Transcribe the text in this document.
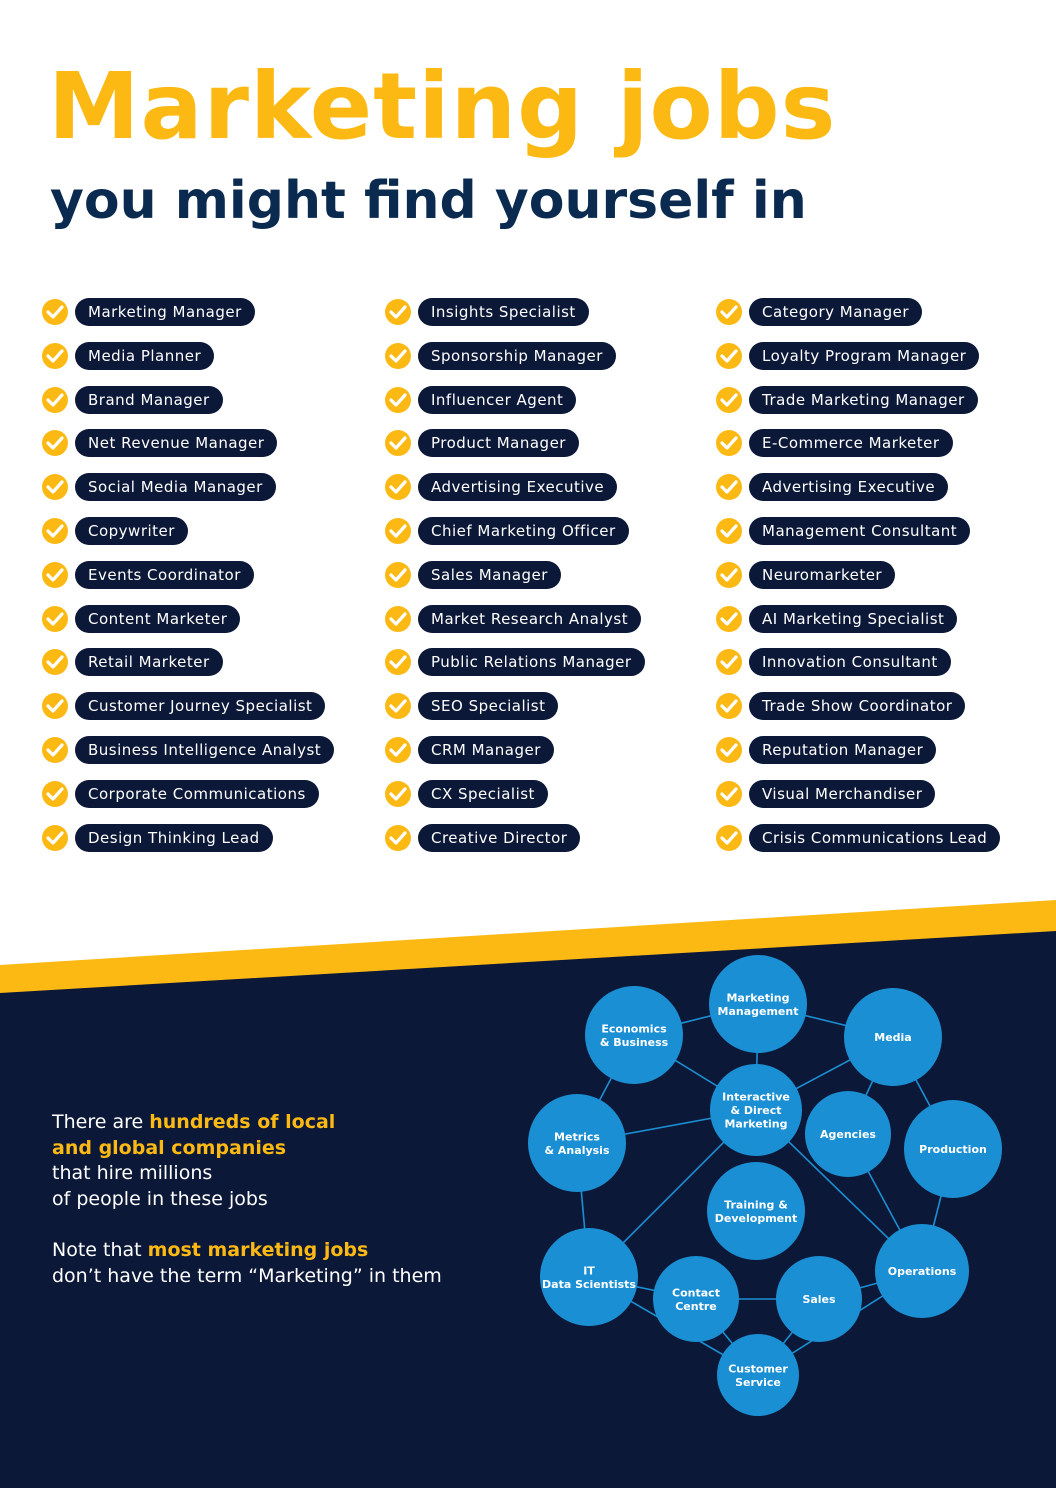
Marketing jobs
you might find yourself in
Marketing Manager
Media Planner
Brand Manager
Net Revenue Manager
Social Media Manager
Copywriter
Events Coordinator
Content Marketer
Retail Marketer
Customer Journey Specialist
Business Intelligence Analyst
Corporate Communications
Design Thinking Lead
Insights Specialist
Sponsorship Manager
Influencer Agent
Product Manager
Advertising Executive
Chief Marketing Officer
Sales Manager
Market Research Analyst
Public Relations Manager
SEO Specialist
CRM Manager
CX Specialist
Creative Director
Category Manager
Loyalty Program Manager
Trade Marketing Manager
E-Commerce Marketer
Advertising Executive
Management Consultant
Neuromarketer
AI Marketing Specialist
Innovation Consultant
Trade Show Coordinator
Reputation Manager
Visual Merchandiser
Crisis Communications Lead
There are hundreds of local
and global companies
that hire millions
of people in these jobs
Note that most marketing jobs
don’t have the term “Marketing” in them
Marketing
Management
Economics
& Business	Media
Interactive
& Direct
Marketing
Metrics
& Analysis
Agencies
Production
Training &
Development
IT
Data Scientists
Operations
Contact
Centre
Sales
Customer
Service
